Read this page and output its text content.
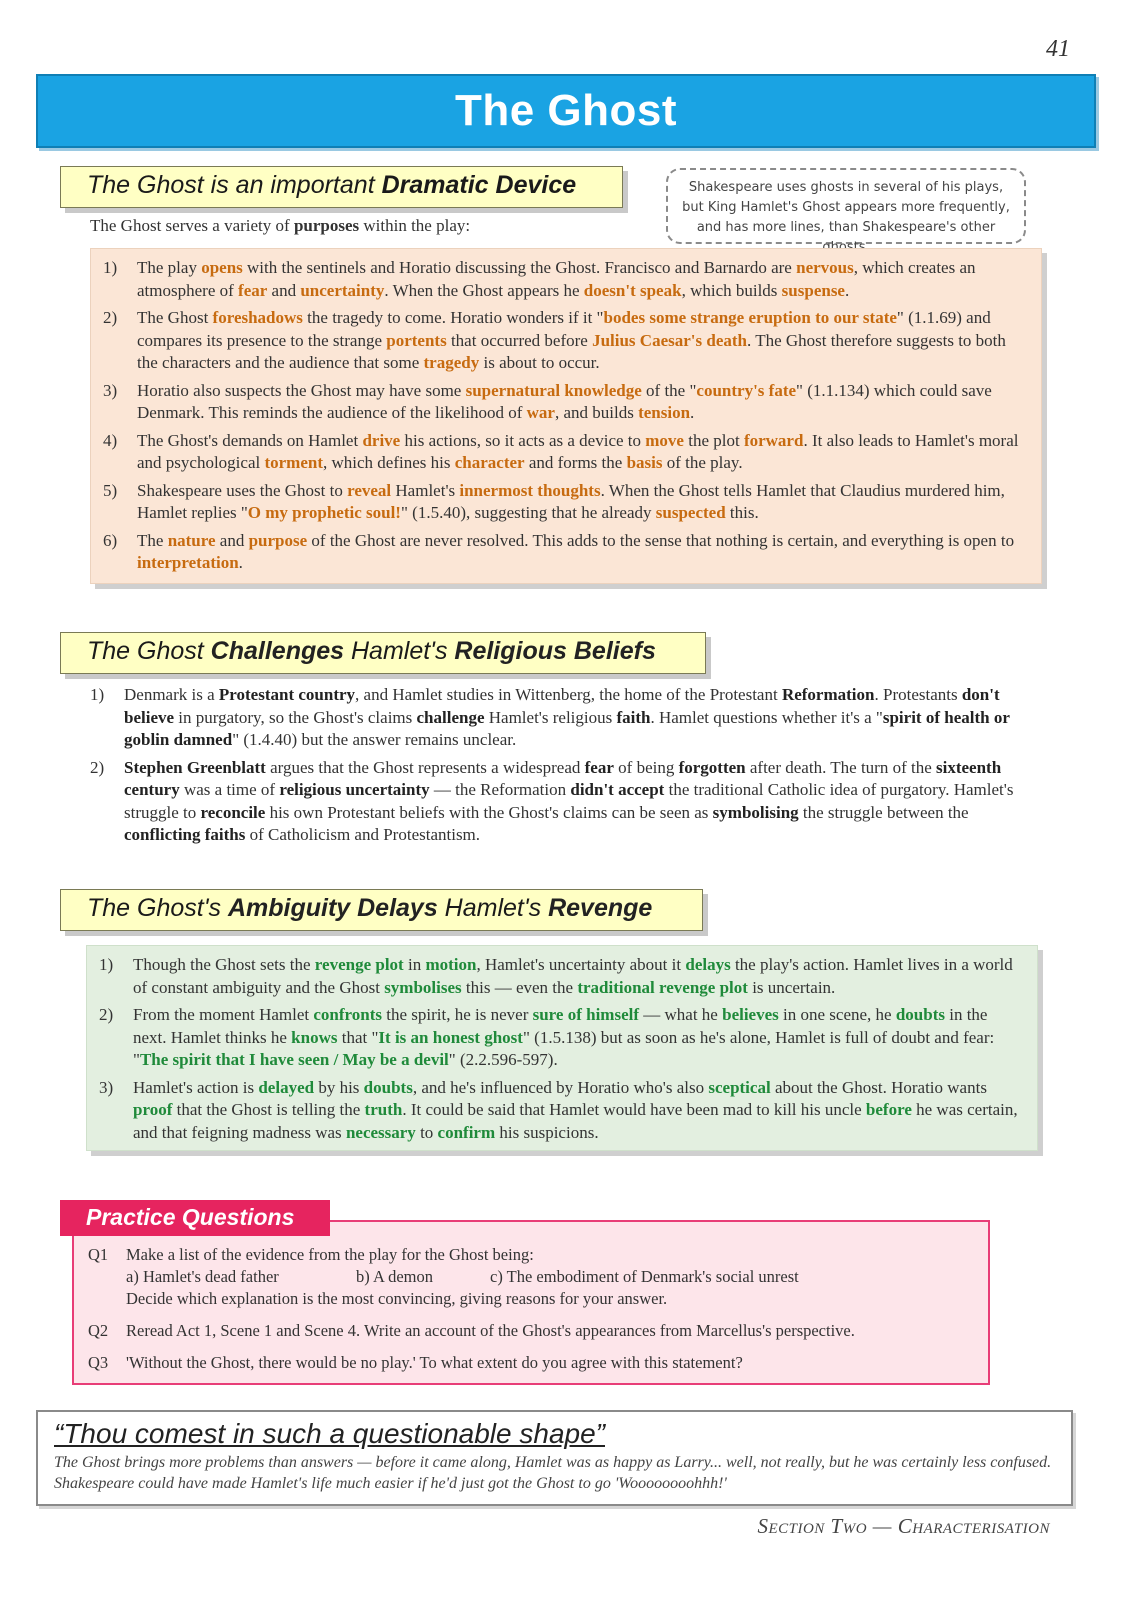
41
The Ghost
The Ghost is an important Dramatic Device	Shakespeare uses ghosts in several of his plays, but King Hamlet's Ghost appears more frequently, and has more lines, than Shakespeare's other
The Ghost serves a variety of purposes within the play:
1)	The play opens with the sentinels and Horatio discussing the Ghost. Francisco and Barnardo are nervous, which creates an atmosphere of fear and uncertainty. When the Ghost appears he doesn't speak, which builds suspense.
2)	The Ghost foreshadows the tragedy to come. Horatio wonders if it "bodes some strange eruption to our state" (1.1.69) and compares its presence to the strange portents that occurred before Julius Caesar's death. The Ghost therefore suggests to both the characters and the audience that some tragedy is about to occur.
3)	Horatio also suspects the Ghost may have some supernatural knowledge of the "country's fate" (1.1.134) which could save Denmark. This reminds the audience of the likelihood of war, and builds tension.
4)	The Ghost's demands on Hamlet drive his actions, so it acts as a device to move the plot forward. It also leads to Hamlet's moral and psychological torment, which defines his character and forms the basis of the play.
5)	Shakespeare uses the Ghost to reveal Hamlet's innermost thoughts. When the Ghost tells Hamlet that Claudius murdered him, Hamlet replies "O my prophetic soul!" (1.5.40), suggesting that he already suspected this.
6)	The nature and purpose of the Ghost are never resolved. This adds to the sense that nothing is certain, and everything is open to interpretation.
The Ghost Challenges Hamlet's Religious Beliefs
1)	Denmark is a Protestant country, and Hamlet studies in Wittenberg, the home of the Protestant Reformation. Protestants don't believe in purgatory, so the Ghost's claims challenge Hamlet's religious faith. Hamlet questions whether it's a "spirit of health or goblin damned" (1.4.40) but the answer remains unclear.
2)	Stephen Greenblatt argues that the Ghost represents a widespread fear of being forgotten after death. The turn of the sixteenth century was a time of religious uncertainty — the Reformation didn't accept the traditional Catholic idea of purgatory. Hamlet's struggle to reconcile his own Protestant beliefs with the Ghost's claims can be seen as symbolising the struggle between the conflicting faiths of Catholicism and Protestantism.
The Ghost's Ambiguity Delays Hamlet's Revenge
1)	Though the Ghost sets the revenge plot in motion, Hamlet's uncertainty about it delays the play's action. Hamlet lives in a world of constant ambiguity and the Ghost symbolises this — even the traditional revenge plot is uncertain.
2)	From the moment Hamlet confronts the spirit, he is never sure of himself — what he believes in one scene, he doubts in the next. Hamlet thinks he knows that "It is an honest ghost" (1.5.138) but as soon as he's alone, Hamlet is full of doubt and fear: "The spirit that I have seen / May be a devil" (2.2.596-597).
3)	Hamlet's action is delayed by his doubts, and he's influenced by Horatio who's also sceptical about the Ghost. Horatio wants proof that the Ghost is telling the truth. It could be said that Hamlet would have been mad to kill his uncle before he was certain, and that feigning madness was necessary to confirm his suspicions.
Practice Questions
Q1 Make a list of the evidence from the play for the Ghost being:
a) Hamlet's dead father	b) A demon	c) The embodiment of Denmark's social unrest
Decide which explanation is the most convincing, giving reasons for your answer.
Q2 Reread Act 1, Scene 1 and Scene 4. Write an account of the Ghost's appearances from Marcellus's perspective.
Q3 'Without the Ghost, there would be no play.' To what extent do you agree with this statement?
“Thou comest in such a questionable shape”
The Ghost brings more problems than answers — before it came along, Hamlet was as happy as Larry... well, not really, but he was certainly less confused. Shakespeare could have made Hamlet's life much easier if he'd just got the Ghost to go 'Woooooooohhh!'
Section Two — Characterisation
